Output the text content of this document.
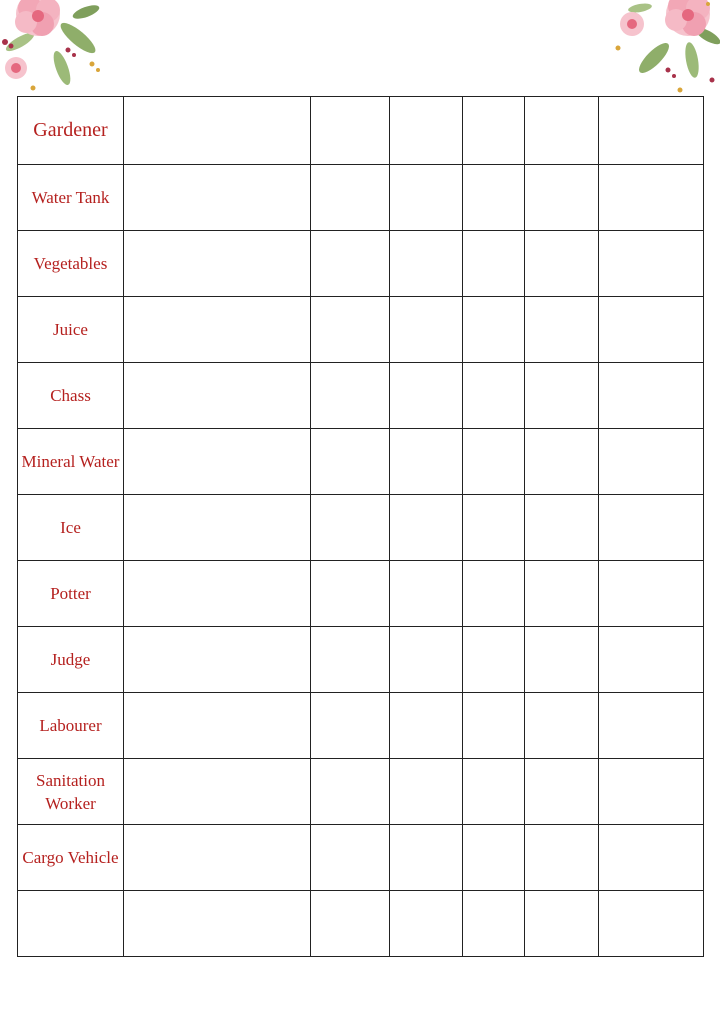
Gardener						
Water Tank						
Vegetables						
Juice						
Chass						
Mineral Water						
Ice						
Potter						
Judge						
Labourer						
Sanitation Worker						
Cargo Vehicle						
